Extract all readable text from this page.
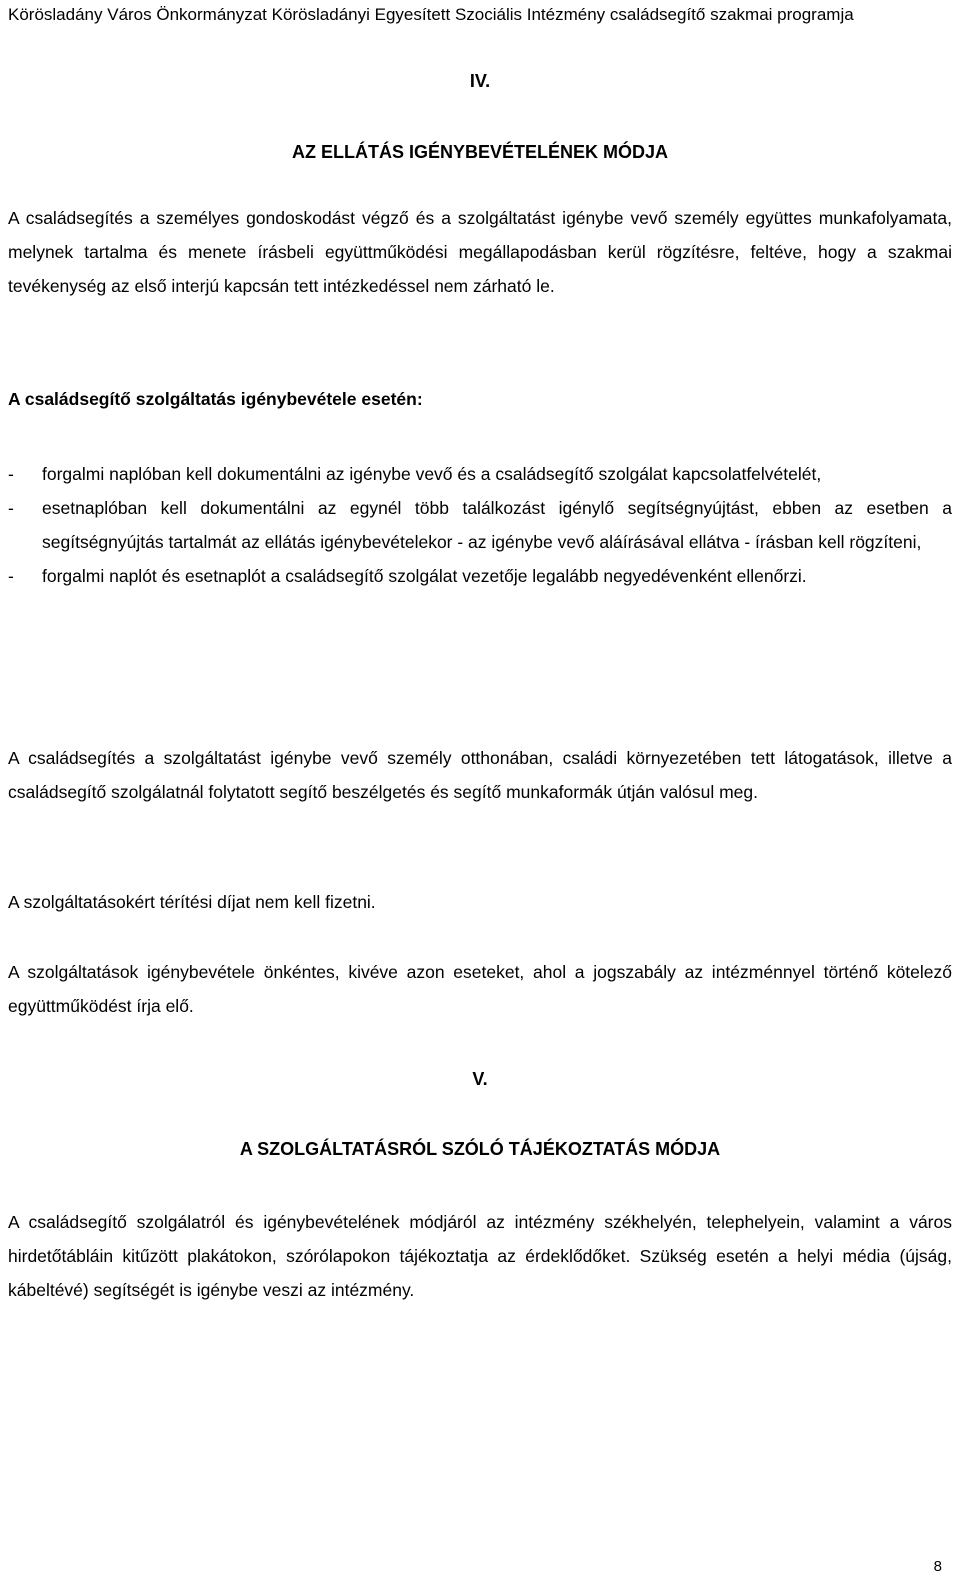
Körösladány Város Önkormányzat Körösladányi Egyesített Szociális Intézmény családsegítő szakmai programja
IV.
AZ ELLÁTÁS IGÉNYBEVÉTELÉNEK MÓDJA

A családsegítés a személyes gondoskodást végző és a szolgáltatást igénybe vevő személy együttes munkafolyamata, melynek tartalma és menete írásbeli együttműködési megállapodásban kerül rögzítésre, feltéve, hogy a szakmai tevékenység az első interjú kapcsán tett intézkedéssel nem zárható le.

A családsegítő szolgáltatás igénybevétele esetén:
- forgalmi naplóban kell dokumentálni az igénybe vevő és a családsegítő szolgálat kapcsolatfelvételét,
- esetnaplóban kell dokumentálni az egynél több találkozást igénylő segítségnyújtást, ebben az esetben a segítségnyújtás tartalmát az ellátás igénybevételekor - az igénybe vevő aláírásával ellátva - írásban kell rögzíteni,
- forgalmi naplót és esetnaplót a családsegítő szolgálat vezetője legalább negyedévenként ellenőrzi.

A családsegítés a szolgáltatást igénybe vevő személy otthonában, családi környezetében tett látogatások, illetve a családsegítő szolgálatnál folytatott segítő beszélgetés és segítő munkaformák útján valósul meg.

A szolgáltatásokért térítési díjat nem kell fizetni.

A szolgáltatások igénybevétele önkéntes, kivéve azon eseteket, ahol a jogszabály az intézménnyel történő kötelező együttműködést írja elő.

V.
A SZOLGÁLTATÁSRÓL SZÓLÓ TÁJÉKOZTATÁS MÓDJA

A családsegítő szolgálatról és igénybevételének módjáról az intézmény székhelyén, telephelyein, valamint a város hirdetőtábláin kitűzött plakátokon, szórólapokon tájékoztatja az érdeklődőket. Szükség esetén a helyi média (újság, kábeltévé) segítségét is igénybe veszi az intézmény.

8
